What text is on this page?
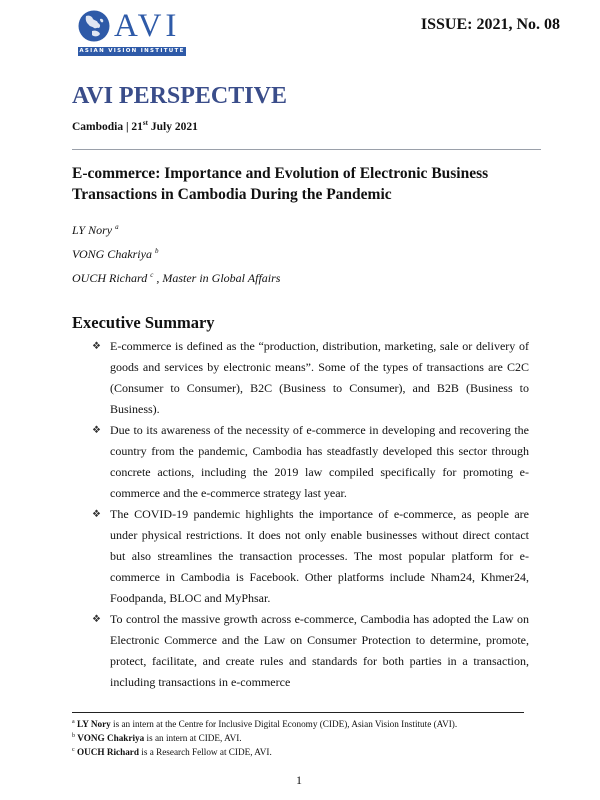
AVI
ASIAN VISION INSTITUTE
ISSUE: 2021, No. 08
AVI PERSPECTIVE
Cambodia | 21st July 2021
E-commerce: Importance and Evolution of Electronic Business Transactions in Cambodia During the Pandemic
LY Nory $^a$
VONG Chakriya $^b$
OUCH Richard $^c$ , Master in Global Affairs
Executive Summary
❖ E-commerce is defined as the “production, distribution, marketing, sale or delivery of goods and services by electronic means”. Some of the types of transactions are C2C (Consumer to Consumer), B2C (Business to Consumer), and B2B (Business to Business).
❖ Due to its awareness of the necessity of e-commerce in developing and recovering the country from the pandemic, Cambodia has steadfastly developed this sector through concrete actions, including the 2019 law compiled specifically for promoting e-commerce and the e-commerce strategy last year.
❖ The COVID-19 pandemic highlights the importance of e-commerce, as people are under physical restrictions. It does not only enable businesses without direct contact but also streamlines the transaction processes. The most popular platform for e-commerce in Cambodia is Facebook. Other platforms include Nham24, Khmer24, Foodpanda, BLOC and MyPhsar.
❖ To control the massive growth across e-commerce, Cambodia has adopted the Law on Electronic Commerce and the Law on Consumer Protection to determine, promote, protect, facilitate, and create rules and standards for both parties in a transaction, including transactions in e-commerce
$^a$ LY Nory is an intern at the Centre for Inclusive Digital Economy (CIDE), Asian Vision Institute (AVI).
$^b$ VONG Chakriya is an intern at CIDE, AVI.
$^c$ OUCH Richard is a Research Fellow at CIDE, AVI.
1
